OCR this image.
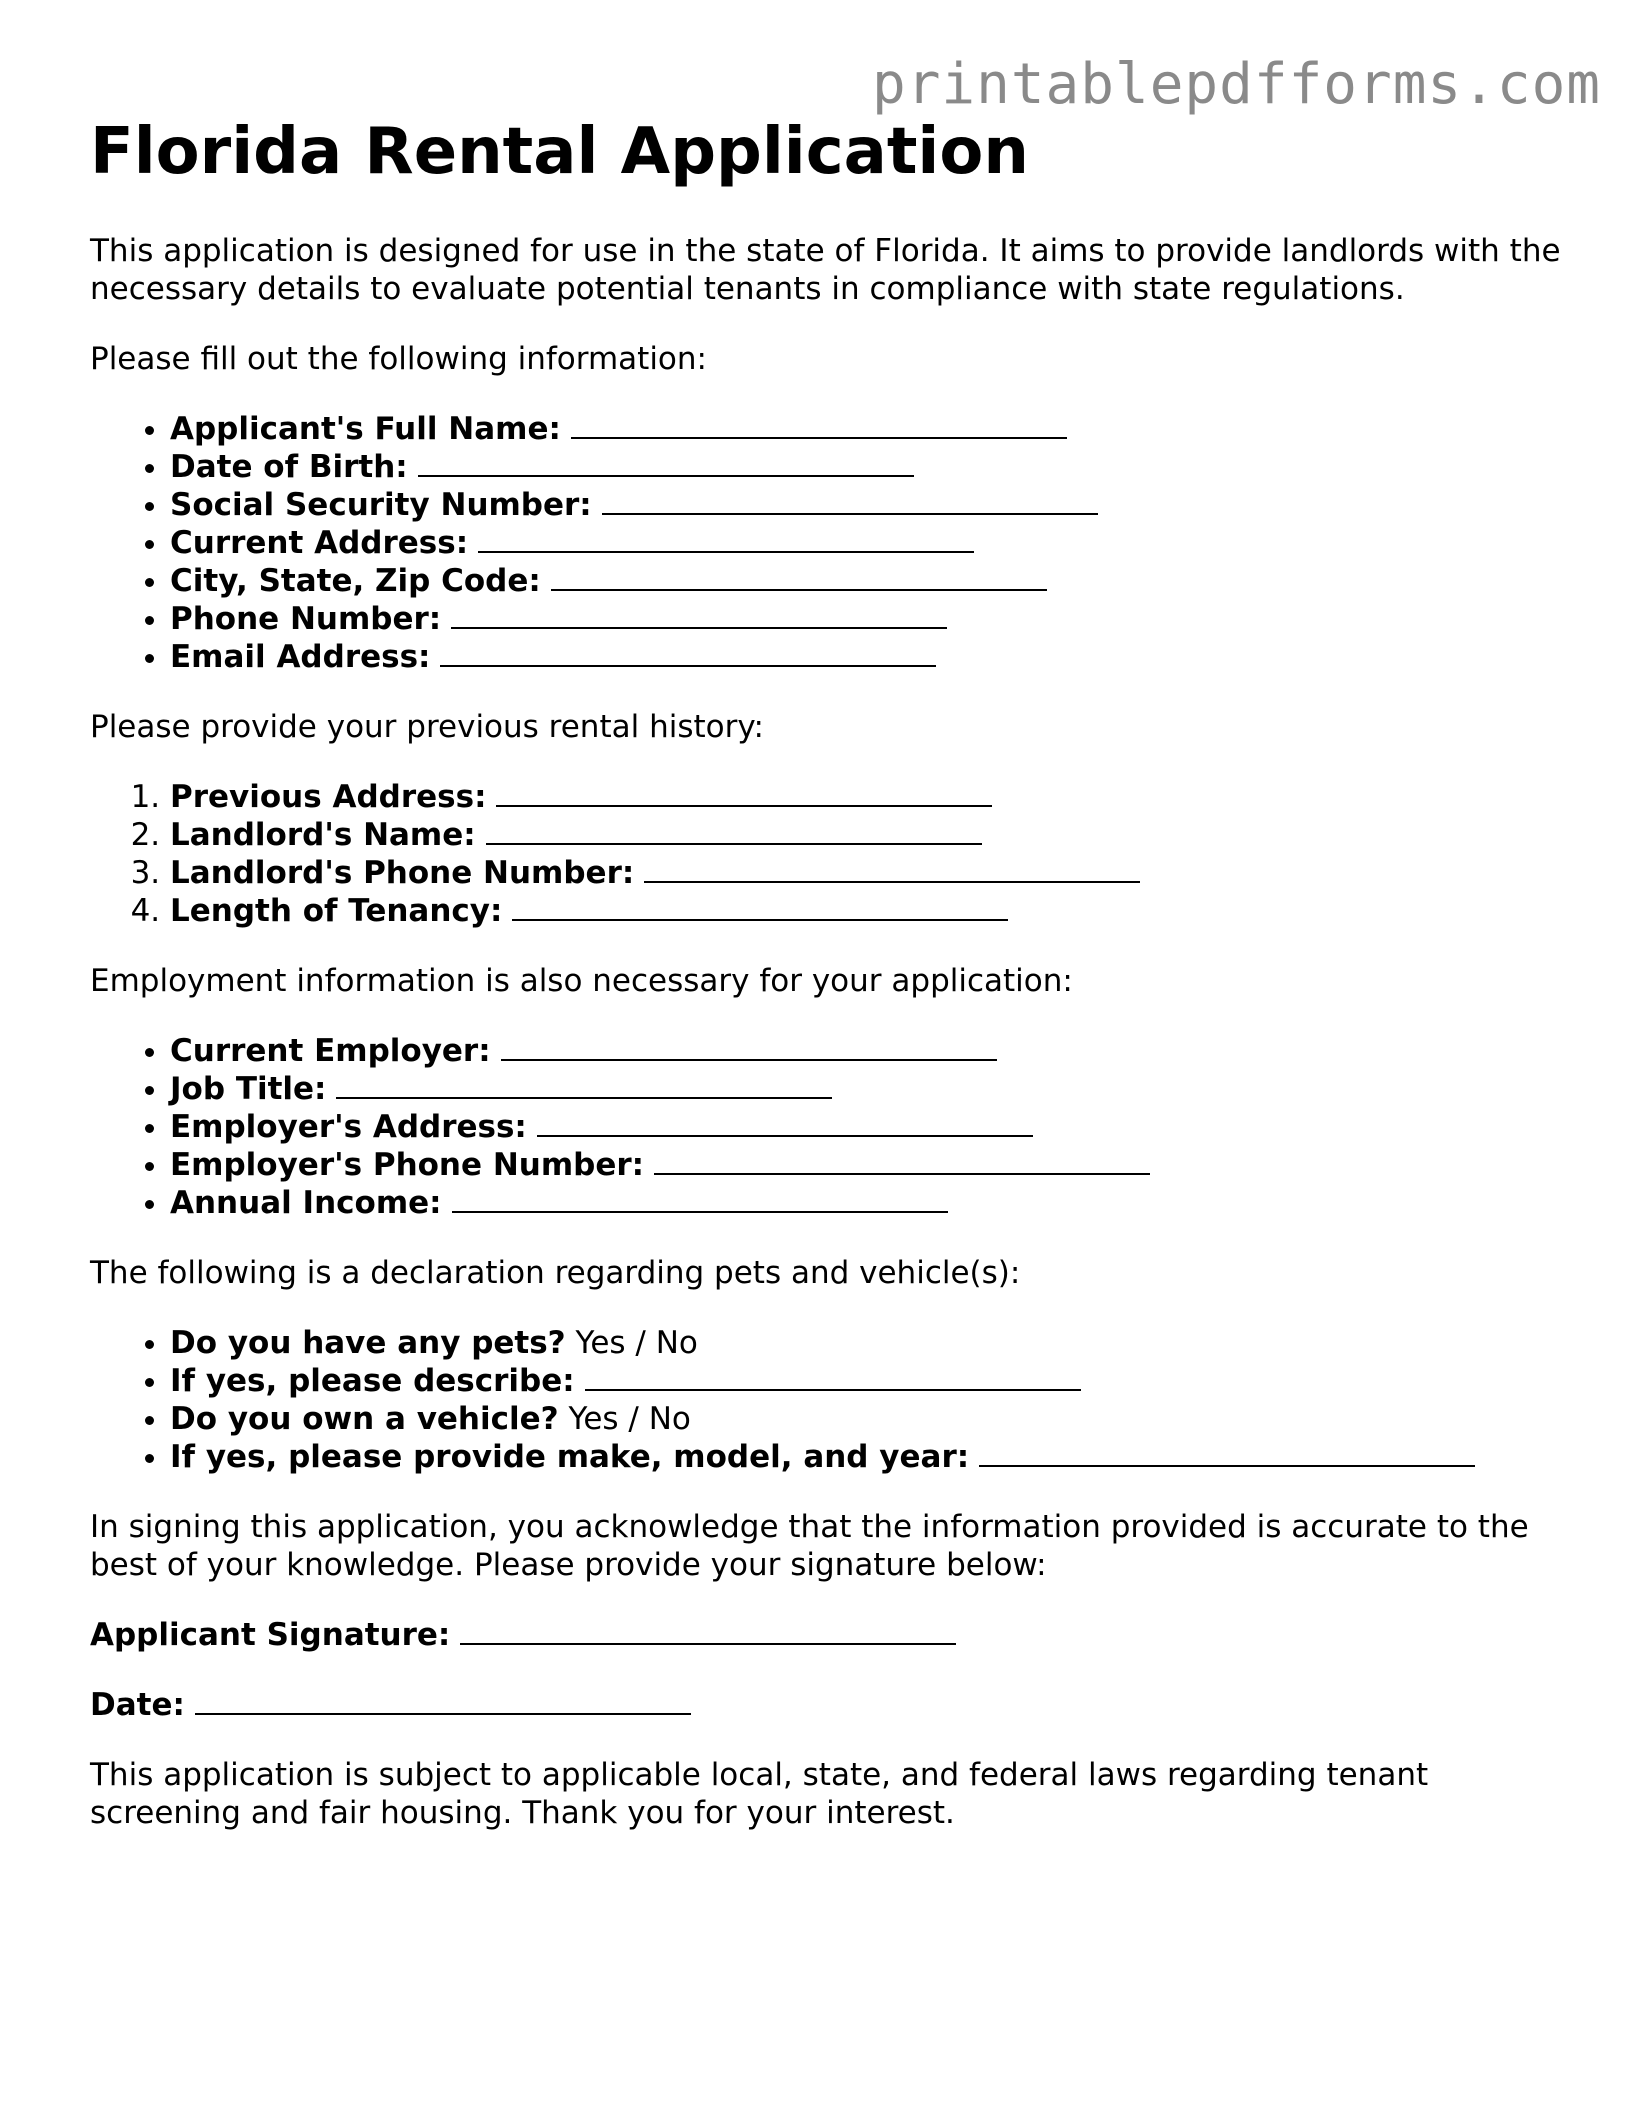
printablepdfforms.com
Florida Rental Application

This application is designed for use in the state of Florida. It aims to provide landlords with the necessary details to evaluate potential tenants in compliance with state regulations.

Please fill out the following information:

• Applicant's Full Name:
• Date of Birth:
• Social Security Number:
• Current Address:
• City, State, Zip Code:
• Phone Number:
• Email Address:

Please provide your previous rental history:

1. Previous Address:
2. Landlord's Name:
3. Landlord's Phone Number:
4. Length of Tenancy:

Employment information is also necessary for your application:

• Current Employer:
• Job Title:
• Employer's Address:
• Employer's Phone Number:
• Annual Income:

The following is a declaration regarding pets and vehicle(s):

• Do you have any pets? Yes / No
• If yes, please describe:
• Do you own a vehicle? Yes / No
• If yes, please provide make, model, and year:

In signing this application, you acknowledge that the information provided is accurate to the best of your knowledge. Please provide your signature below:

Applicant Signature:
Date:

This application is subject to applicable local, state, and federal laws regarding tenant screening and fair housing. Thank you for your interest.
